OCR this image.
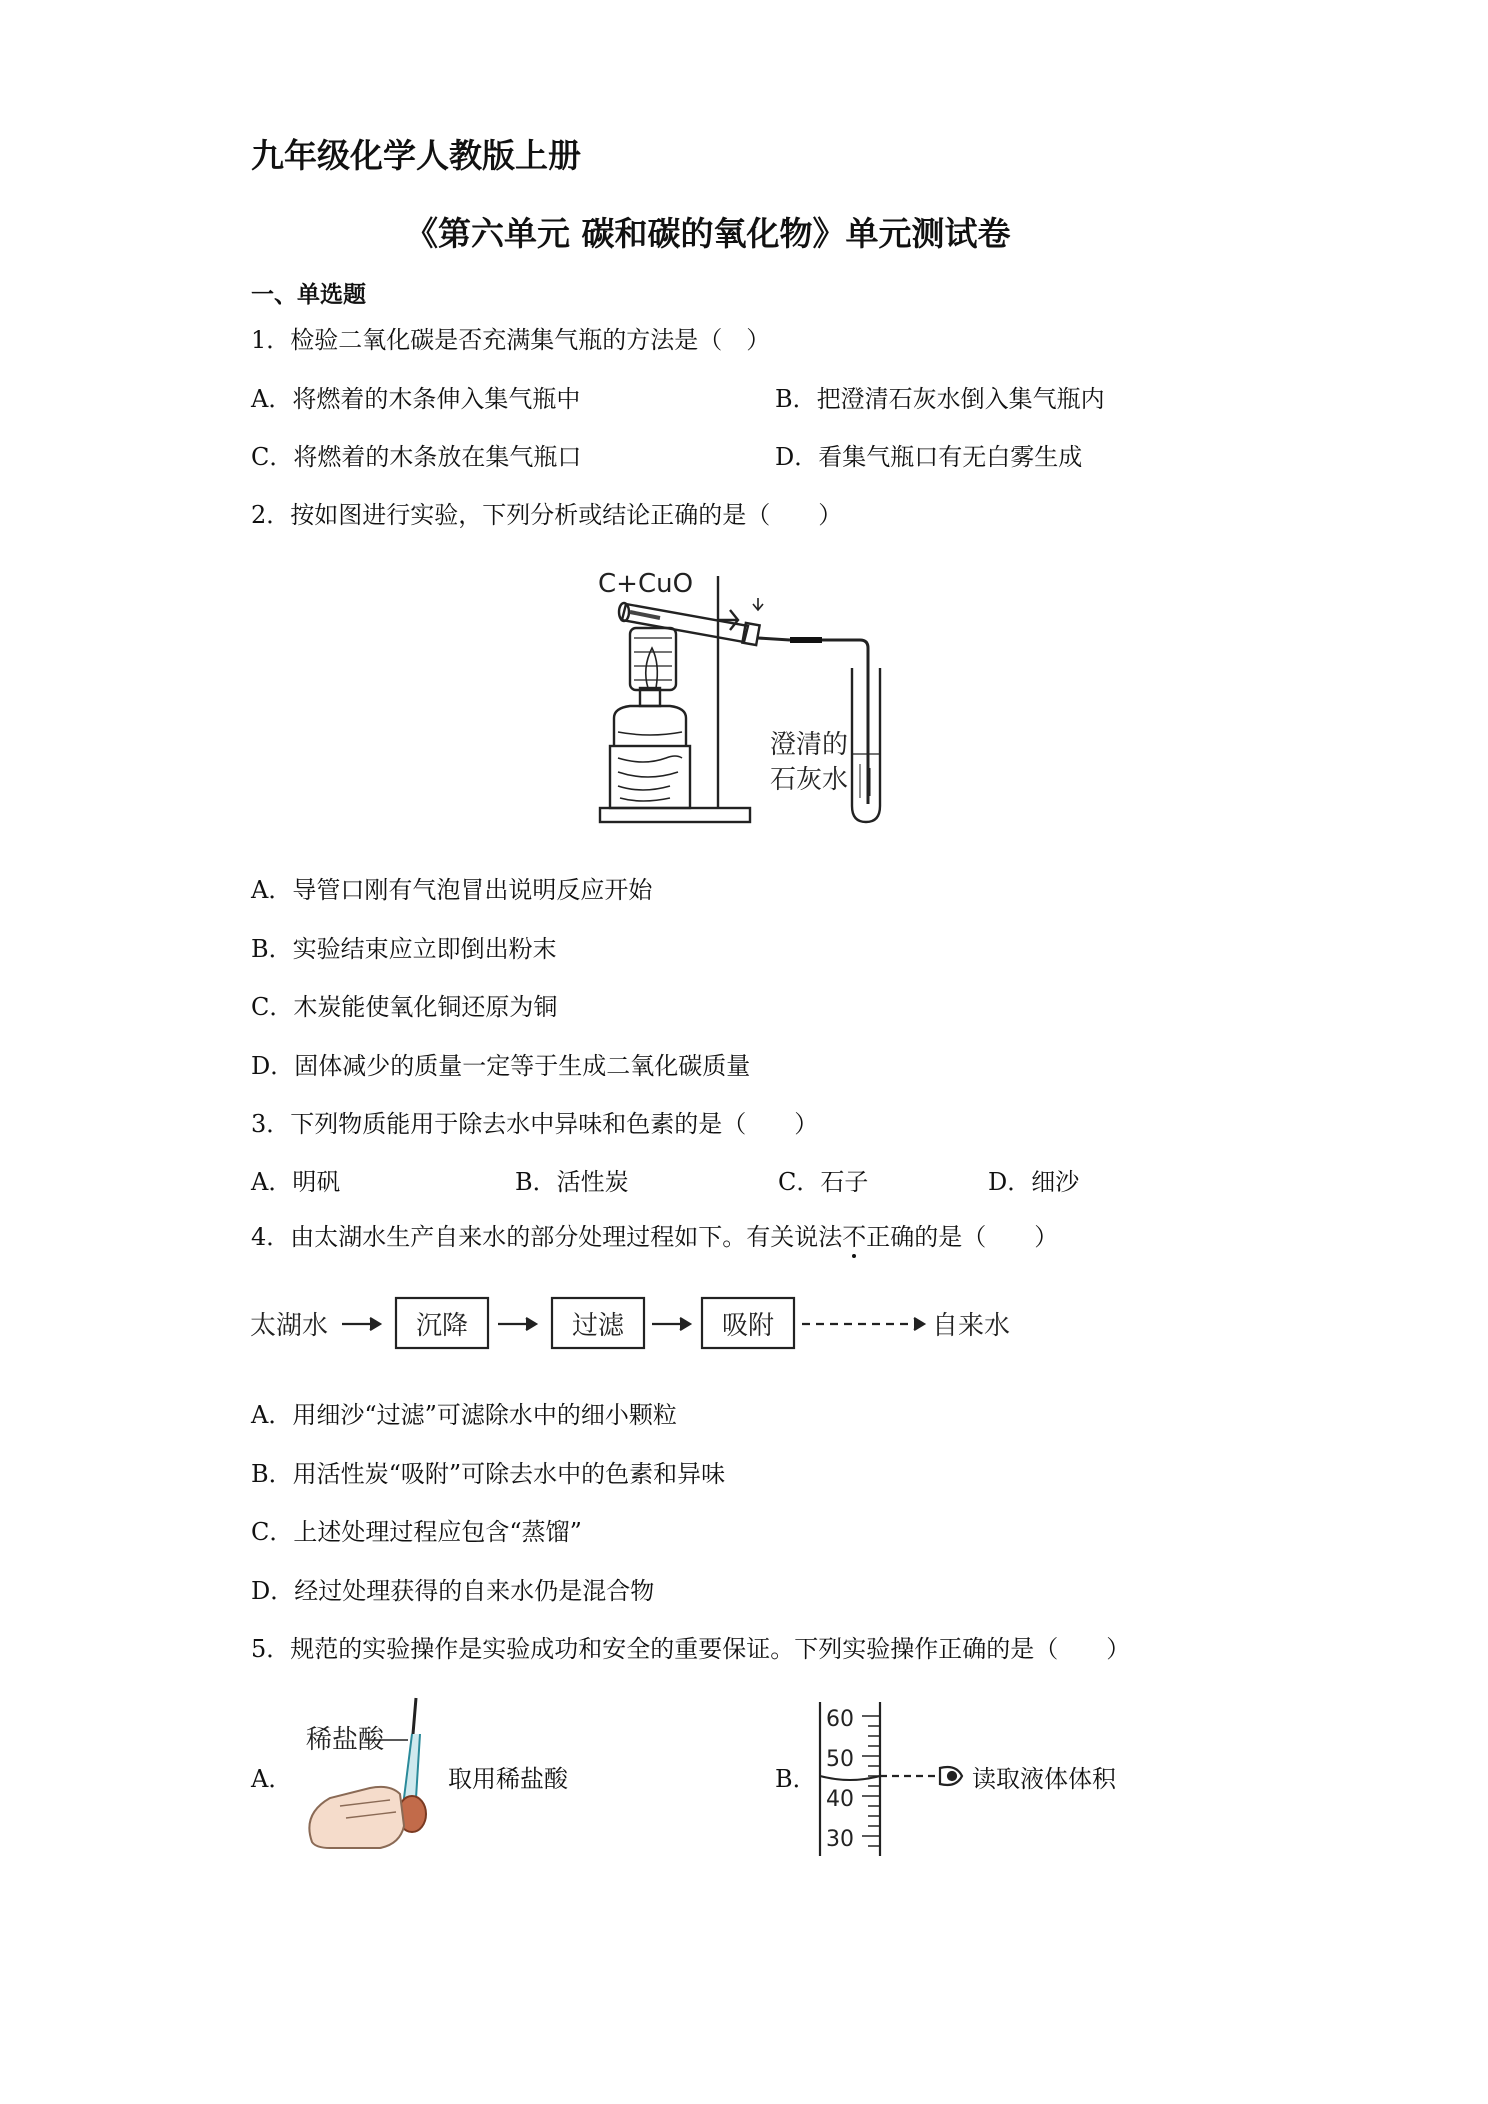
九年级化学人教版上册
《第六单元 碳和碳的氧化物》单元测试卷
一、单选题
1．检验二氧化碳是否充满集气瓶的方法是（　）
A．将燃着的木条伸入集气瓶中	B．把澄清石灰水倒入集气瓶内
C．将燃着的木条放在集气瓶口	D．看集气瓶口有无白雾生成
2．按如图进行实验，下列分析或结论正确的是（　　）
C+CuO
澄清的
石灰水
A．导管口刚有气泡冒出说明反应开始
B．实验结束应立即倒出粉末
C．木炭能使氧化铜还原为铜
D．固体减少的质量一定等于生成二氧化碳质量
3．下列物质能用于除去水中异味和色素的是（　　）
A．明矾	B．活性炭	C．石子	D．细沙
4．由太湖水生产自来水的部分处理过程如下。有关说法不正确的是（　　）
太湖水	沉降	过滤	吸附	自来水
A．用细沙“过滤”可滤除水中的细小颗粒
B．用活性炭“吸附”可除去水中的色素和异味
C．上述处理过程应包含“蒸馏”
D．经过处理获得的自来水仍是混合物
5．规范的实验操作是实验成功和安全的重要保证。下列实验操作正确的是（　　）
A．
稀盐酸
取用稀盐酸	B．
60
50
40
30
读取液体体积
